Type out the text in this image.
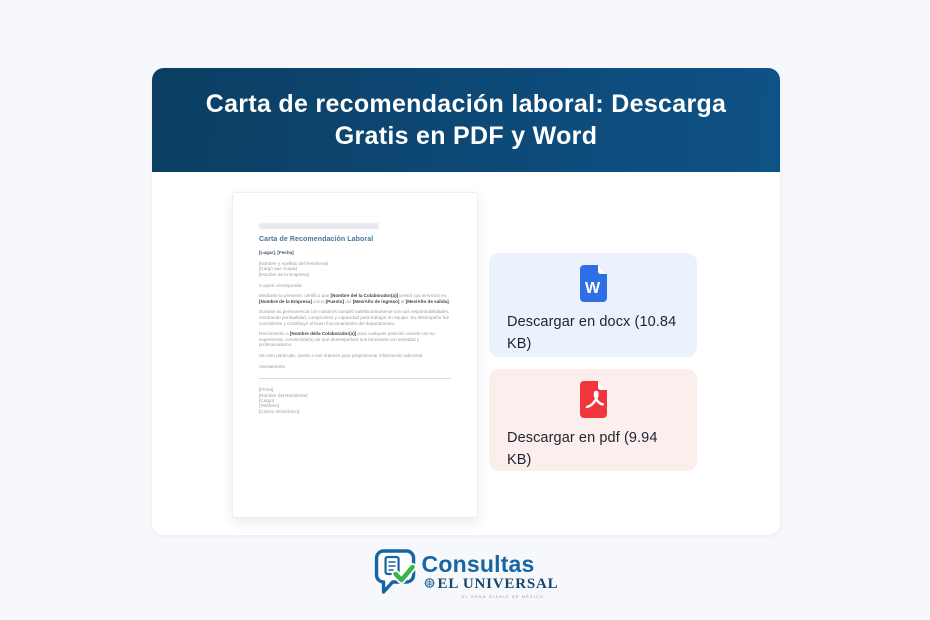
Carta de recomendación laboral: Descarga Gratis en PDF y Word
Carta de Recomendación Laboral
[Lugar], [Fecha]
[Nombre y Apellido del Remitente]
[Cargo que ocupa]
[Nombre de la Empresa]
A quien corresponda:

Mediante la presente, certifico que [Nombre del la Colaborador(a)] prestó sus servicios en [Nombre de la Empresa] como [Puesto] del [Mes/Año de ingreso] al [Mes/Año de salida].

Durante su permanencia con nosotros cumplió satisfactoriamente con sus responsabilidades, mostrando puntualidad, compromiso y capacidad para trabajar en equipo. Su desempeño fue consistente y contribuyó al buen funcionamiento del departamento.

Recomiendo a [Nombre del/a Colaborador(a)] para cualquier posición acorde con su experiencia, convencido(a) de que desempeñará sus funciones con seriedad y profesionalismo.

Sin otro particular, quedo a sus órdenes para proporcionar información adicional.

Atentamente,

[Firma]
[Nombre del Remitente]
[Cargo]
[Teléfono]
[Correo electrónico]
W
Descargar en docx (10.84 KB)
Descargar en pdf (9.94 KB)
Consultas
EL UNIVERSAL
EL GRAN DIARIO DE MÉXICO
